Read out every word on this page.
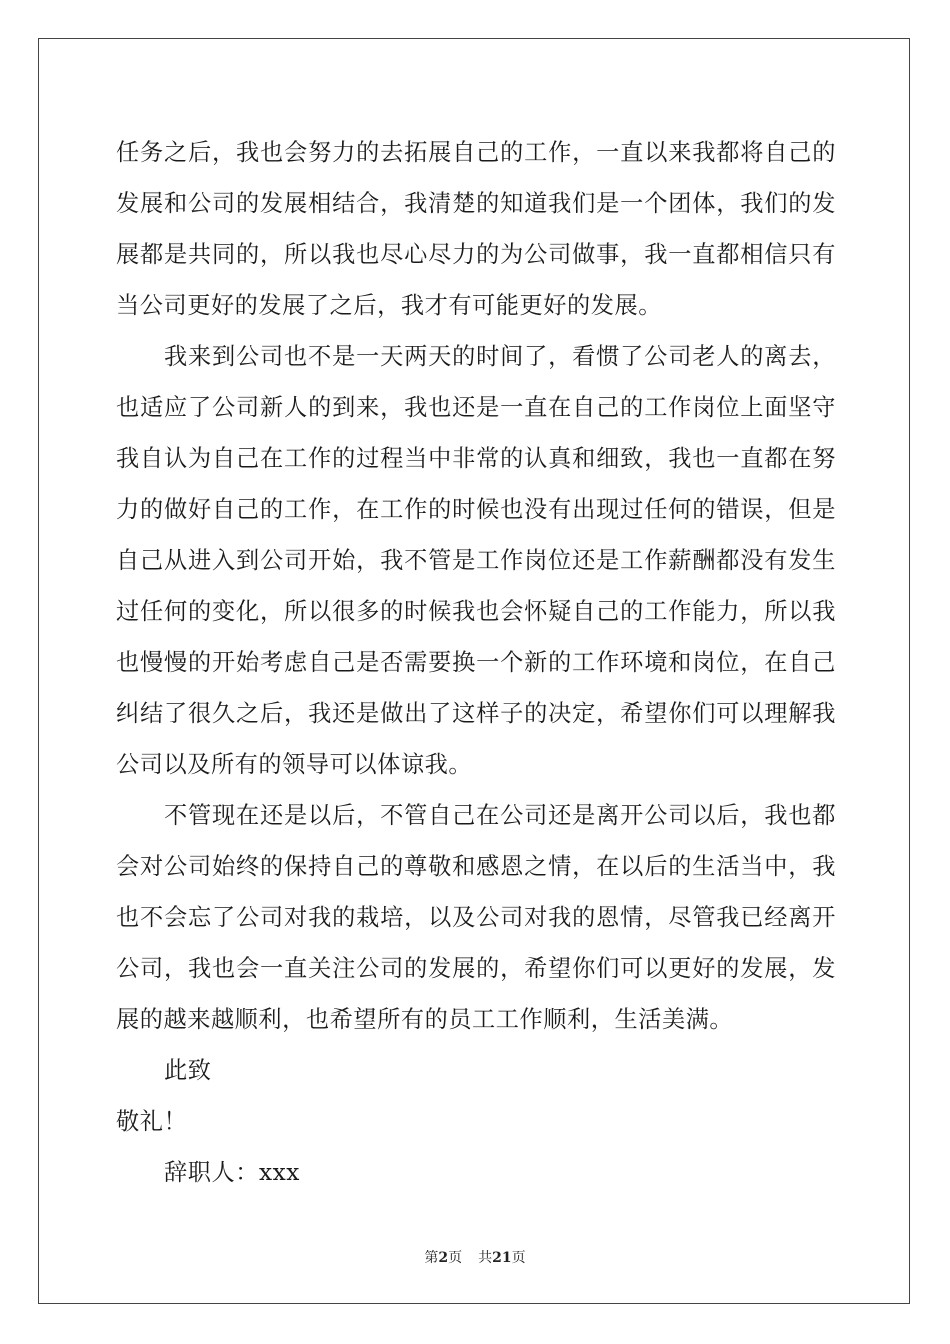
任务之后，我也会努力的去拓展自己的工作，一直以来我都将自己的发展和公司的发展相结合，我清楚的知道我们是一个团体，我们的发展都是共同的，所以我也尽心尽力的为公司做事，我一直都相信只有当公司更好的发展了之后，我才有可能更好的发展。

我来到公司也不是一天两天的时间了，看惯了公司老人的离去，也适应了公司新人的到来，我也还是一直在自己的工作岗位上面坚守我自认为自己在工作的过程当中非常的认真和细致，我也一直都在努力的做好自己的工作，在工作的时候也没有出现过任何的错误，但是自己从进入到公司开始，我不管是工作岗位还是工作薪酬都没有发生过任何的变化，所以很多的时候我也会怀疑自己的工作能力，所以我也慢慢的开始考虑自己是否需要换一个新的工作环境和岗位，在自己纠结了很久之后，我还是做出了这样子的决定，希望你们可以理解我公司以及所有的领导可以体谅我。

不管现在还是以后，不管自己在公司还是离开公司以后，我也都会对公司始终的保持自己的尊敬和感恩之情，在以后的生活当中，我也不会忘了公司对我的栽培，以及公司对我的恩情，尽管我已经离开公司，我也会一直关注公司的发展的，希望你们可以更好的发展，发展的越来越顺利，也希望所有的员工工作顺利，生活美满。

此致

敬礼！

辞职人：xxx

第2页 共21页
